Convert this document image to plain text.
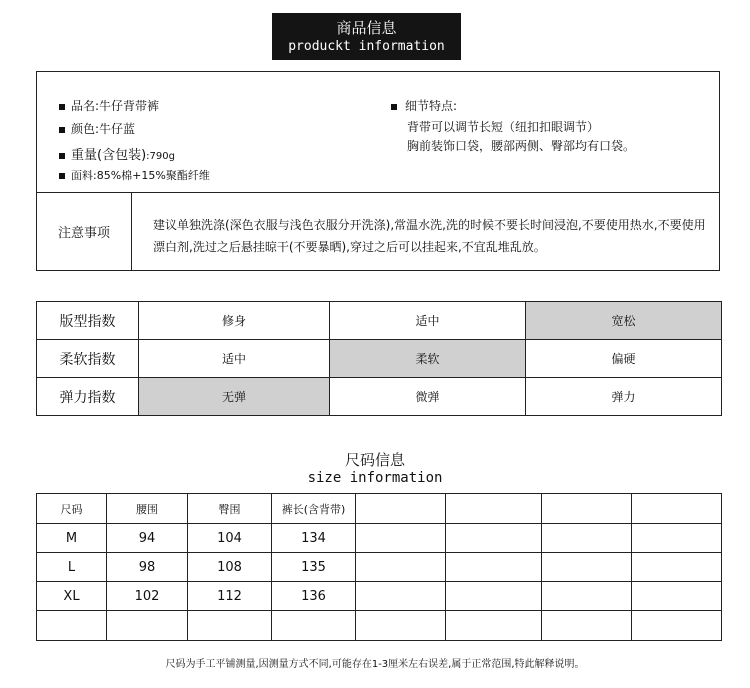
商品信息
produckt information
品名:牛仔背带裤
颜色:牛仔蓝
重量(含包装):790g
面料:85%棉+15%聚酯纤维
细节特点:
背带可以调节长短（纽扣扣眼调节）
胸前装饰口袋，腰部两侧、臀部均有口袋。
注意事项
建议单独洗涤(深色衣服与浅色衣服分开洗涤),常温水洗,洗的时候不要长时间浸泡,不要使用热水,不要使用漂白剂,洗过之后悬挂晾干(不要暴晒),穿过之后可以挂起来,不宜乱堆乱放。
版型指数	修身	适中	宽松
柔软指数	适中	柔软	偏硬
弹力指数	无弹	微弹	弹力
尺码信息
size information
尺码	腰围	臀围	裤长(含背带)				
M	94	104	134				
L	98	108	135				
XL	102	112	136				

尺码为手工平铺测量,因测量方式不同,可能存在1-3厘米左右误差,属于正常范围,特此解释说明。
